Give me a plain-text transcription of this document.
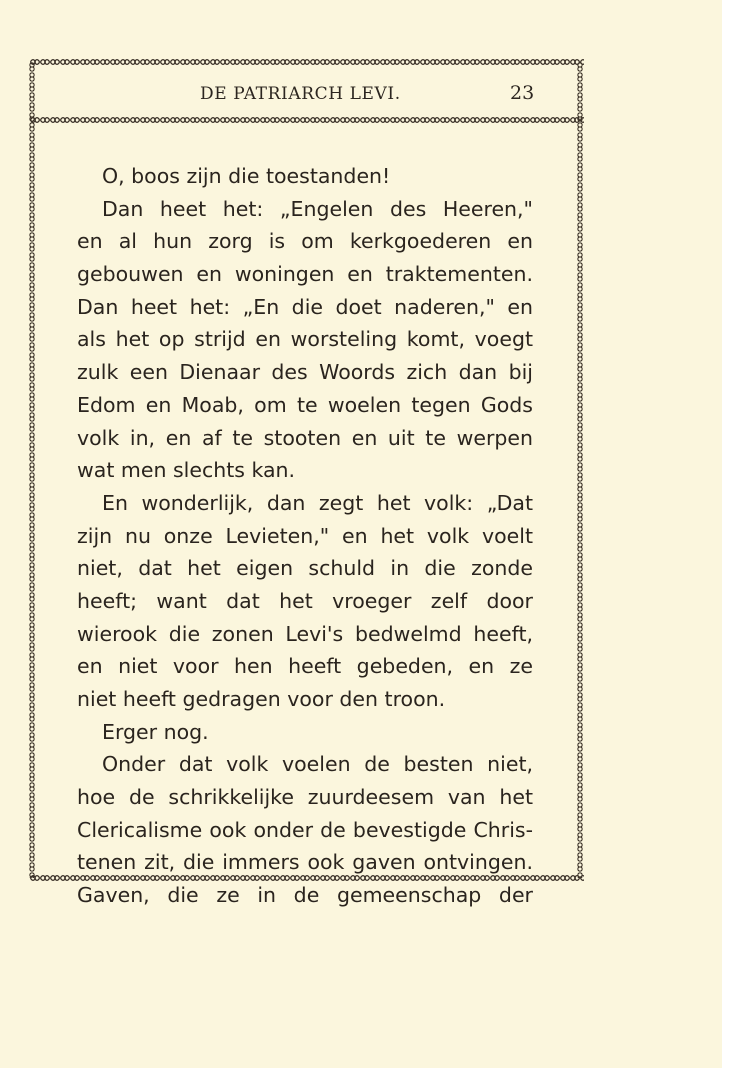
DE PATRIARCH LEVI.	23
O, boos zijn die toestanden!
Dan heet het: „Engelen des Heeren,"
en al hun zorg is om kerkgoederen en
gebouwen en woningen en traktementen.
Dan heet het: „En die doet naderen," en
als het op strijd en worsteling komt, voegt
zulk een Dienaar des Woords zich dan bij
Edom en Moab, om te woelen tegen Gods
volk in, en af te stooten en uit te werpen
wat men slechts kan.
En wonderlijk, dan zegt het volk: „Dat
zijn nu onze Levieten," en het volk voelt
niet, dat het eigen schuld in die zonde
heeft; want dat het vroeger zelf door
wierook die zonen Levi's bedwelmd heeft,
en niet voor hen heeft gebeden, en ze
niet heeft gedragen voor den troon.
Erger nog.
Onder dat volk voelen de besten niet,
hoe de schrikkelijke zuurdeesem van het
Clericalisme ook onder de bevestigde Chris-
tenen zit, die immers ook gaven ontvingen.
Gaven, die ze in de gemeenschap der
